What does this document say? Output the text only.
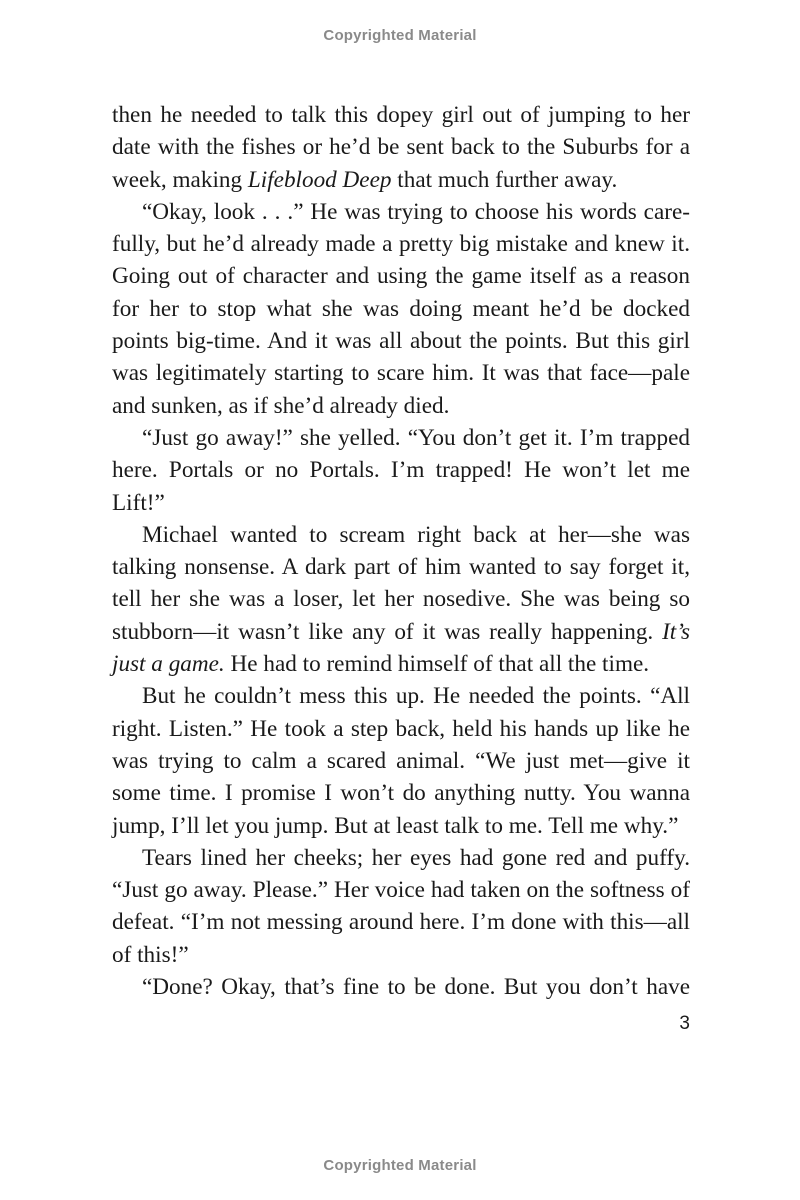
Copyrighted Material

then he needed to talk this dopey girl out of jumping to her date with the fishes or he’d be sent back to the Suburbs for a week, making Lifeblood Deep that much further away.

“Okay, look . . .” He was trying to choose his words care-fully, but he’d already made a pretty big mistake and knew it. Going out of character and using the game itself as a reason for her to stop what she was doing meant he’d be docked points big-time. And it was all about the points. But this girl was legitimately starting to scare him. It was that face—pale and sunken, as if she’d already died.

“Just go away!” she yelled. “You don’t get it. I’m trapped here. Portals or no Portals. I’m trapped! He won’t let me Lift!”

Michael wanted to scream right back at her—she was talking nonsense. A dark part of him wanted to say forget it, tell her she was a loser, let her nosedive. She was being so stubborn—it wasn’t like any of it was really happening. It’s just a game. He had to remind himself of that all the time.

But he couldn’t mess this up. He needed the points. “All right. Listen.” He took a step back, held his hands up like he was trying to calm a scared animal. “We just met—give it some time. I promise I won’t do anything nutty. You wanna jump, I’ll let you jump. But at least talk to me. Tell me why.”

Tears lined her cheeks; her eyes had gone red and puffy. “Just go away. Please.” Her voice had taken on the softness of defeat. “I’m not messing around here. I’m done with this—all of this!”

“Done? Okay, that’s fine to be done. But you don’t have

3
Copyrighted Material
